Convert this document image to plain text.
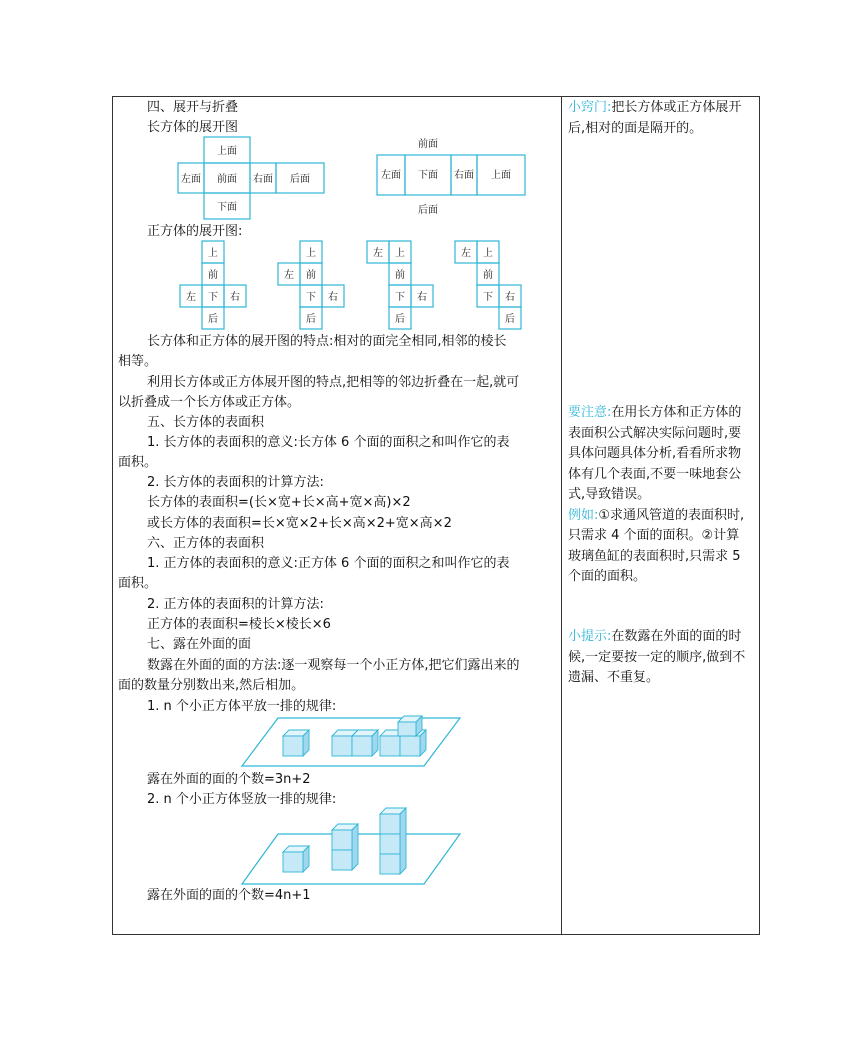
四、展开与折叠
长方体的展开图
上面
左面 前面 右面 后面
下面
前面
左面 下面 右面 上面
后面
正方体的展开图:
上
前
左 下 右
后
上
左 前
下 右
后
左 上
前
下 右
后
左 上
前
下 右
后
长方体和正方体的展开图的特点:相对的面完全相同,相邻的棱长
相等。
利用长方体或正方体展开图的特点,把相等的邻边折叠在一起,就可
以折叠成一个长方体或正方体。
五、长方体的表面积
1. 长方体的表面积的意义:长方体 6 个面的面积之和叫作它的表
面积。
2. 长方体的表面积的计算方法:
长方体的表面积=(长×宽+长×高+宽×高)×2
或长方体的表面积=长×宽×2+长×高×2+宽×高×2
六、正方体的表面积
1. 正方体的表面积的意义:正方体 6 个面的面积之和叫作它的表
面积。
2. 正方体的表面积的计算方法:
正方体的表面积=棱长×棱长×6
七、露在外面的面
数露在外面的面的方法:逐一观察每一个小正方体,把它们露出来的
面的数量分别数出来,然后相加。
1. n 个小正方体平放一排的规律:
露在外面的面的个数=3n+2
2. n 个小正方体竖放一排的规律:
露在外面的面的个数=4n+1
小窍门:把长方体或正方体展开后,相对的面是隔开的。
要注意:在用长方体和正方体的表面积公式解决实际问题时,要具体问题具体分析,看看所求物体有几个表面,不要一味地套公式,导致错误。
例如:①求通风管道的表面积时,只需求 4 个面的面积。②计算玻璃鱼缸的表面积时,只需求 5 个面的面积。
小提示:在数露在外面的面的时候,一定要按一定的顺序,做到不遗漏、不重复。
